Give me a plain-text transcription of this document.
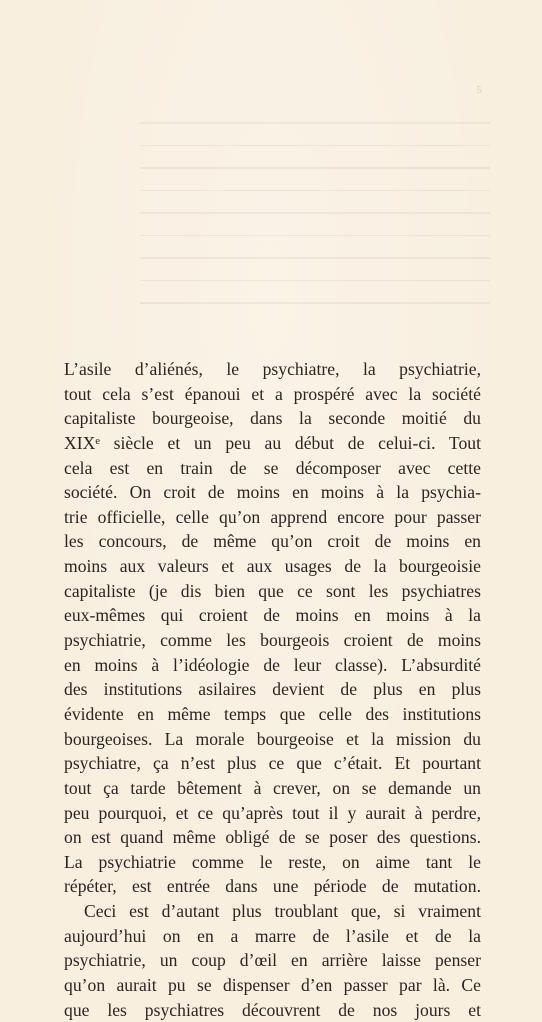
5
L’asile d’aliénés, le psychiatre, la psychiatrie,
tout cela s’est épanoui et a prospéré avec la société
capitaliste bourgeoise, dans la seconde moitié du
XIXᵉ siècle et un peu au début de celui-ci. Tout
cela est en train de se décomposer avec cette
société. On croit de moins en moins à la psychia-
trie officielle, celle qu’on apprend encore pour passer
les concours, de même qu’on croit de moins en
moins aux valeurs et aux usages de la bourgeoisie
capitaliste (je dis bien que ce sont les psychiatres
eux-mêmes qui croient de moins en moins à la
psychiatrie, comme les bourgeois croient de moins
en moins à l’idéologie de leur classe). L’absurdité
des institutions asilaires devient de plus en plus
évidente en même temps que celle des institutions
bourgeoises. La morale bourgeoise et la mission du
psychiatre, ça n’est plus ce que c’était. Et pourtant
tout ça tarde bêtement à crever, on se demande un
peu pourquoi, et ce qu’après tout il y aurait à perdre,
on est quand même obligé de se poser des questions.
La psychiatrie comme le reste, on aime tant le
répéter, est entrée dans une période de mutation.
Ceci est d’autant plus troublant que, si vraiment
aujourd’hui on en a marre de l’asile et de la
psychiatrie, un coup d’œil en arrière laisse penser
qu’on aurait pu se dispenser d’en passer par là. Ce
que les psychiatres découvrent de nos jours et
